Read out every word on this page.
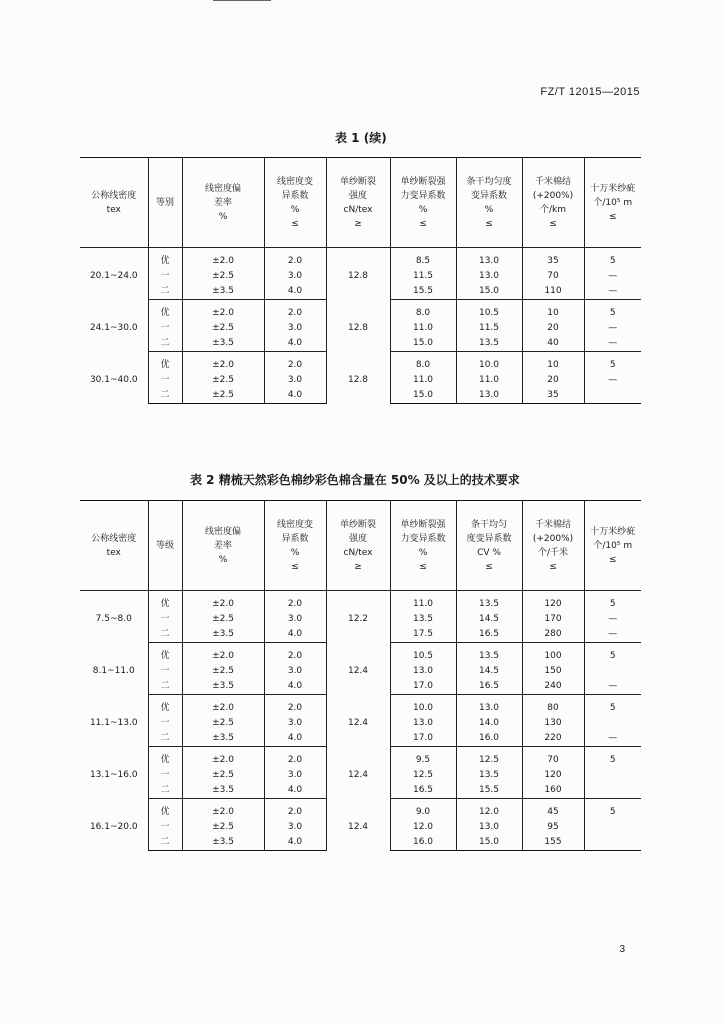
FZ/T 12015—2015
表 1 (续)
公称线密度
tex	等别	线密度偏
差率
%	线密度变
异系数
%
≤	单纱断裂
强度
cN/tex
≥	单纱断裂强
力变异系数
%
≤	条干均匀度
变异系数
%
≤	千米棉结
(+200%)
个/km
≤	十万米纱疵
个/10⁵ m
≤

20.1~24.0	优	±2.0	2.0	12.8	8.5	13.0	35	5
	一	±2.5	3.0		11.5	13.0	70	—
	二	±3.5	4.0		15.5	15.0	110	—
24.1~30.0	优	±2.0	2.0	12.8	8.0	10.5	10	5
	一	±2.5	3.0		11.0	11.5	20	—
	二	±3.5	4.0		15.0	13.5	40	—
30.1~40.0	优	±2.0	2.0	12.8	8.0	10.0	10	5
	一	±2.5	3.0		11.0	11.0	20	—
	二	±2.5	4.0		15.0	13.0	35	
表 2 精梳天然彩色棉纱彩色棉含量在 50% 及以上的技术要求
公称线密度
tex	等级	线密度偏
差率
%	线密度变
异系数
%
≤	单纱断裂
强度
cN/tex
≥	单纱断裂强
力变异系数
%
≤	条干均匀
度变异系数
CV %
≤	千米棉结
(+200%)
个/千米
≤	十万米纱疵
个/10⁵ m
≤

7.5~8.0	优	±2.0	2.0	12.2	11.0	13.5	120	5
	一	±2.5	3.0		13.5	14.5	170	—
	二	±3.5	4.0		17.5	16.5	280	—
8.1~11.0	优	±2.0	2.0	12.4	10.5	13.5	100	5
	一	±2.5	3.0		13.0	14.5	150	
	二	±3.5	4.0		17.0	16.5	240	—
11.1~13.0	优	±2.0	2.0	12.4	10.0	13.0	80	5
	一	±2.5	3.0		13.0	14.0	130	
	二	±3.5	4.0		17.0	16.0	220	—
13.1~16.0	优	±2.0	2.0	12.4	9.5	12.5	70	5
	一	±2.5	3.0		12.5	13.5	120	
	二	±3.5	4.0		16.5	15.5	160	
16.1~20.0	优	±2.0	2.0	12.4	9.0	12.0	45	5
	一	±2.5	3.0		12.0	13.0	95	
	二	±3.5	4.0		16.0	15.0	155	
3
